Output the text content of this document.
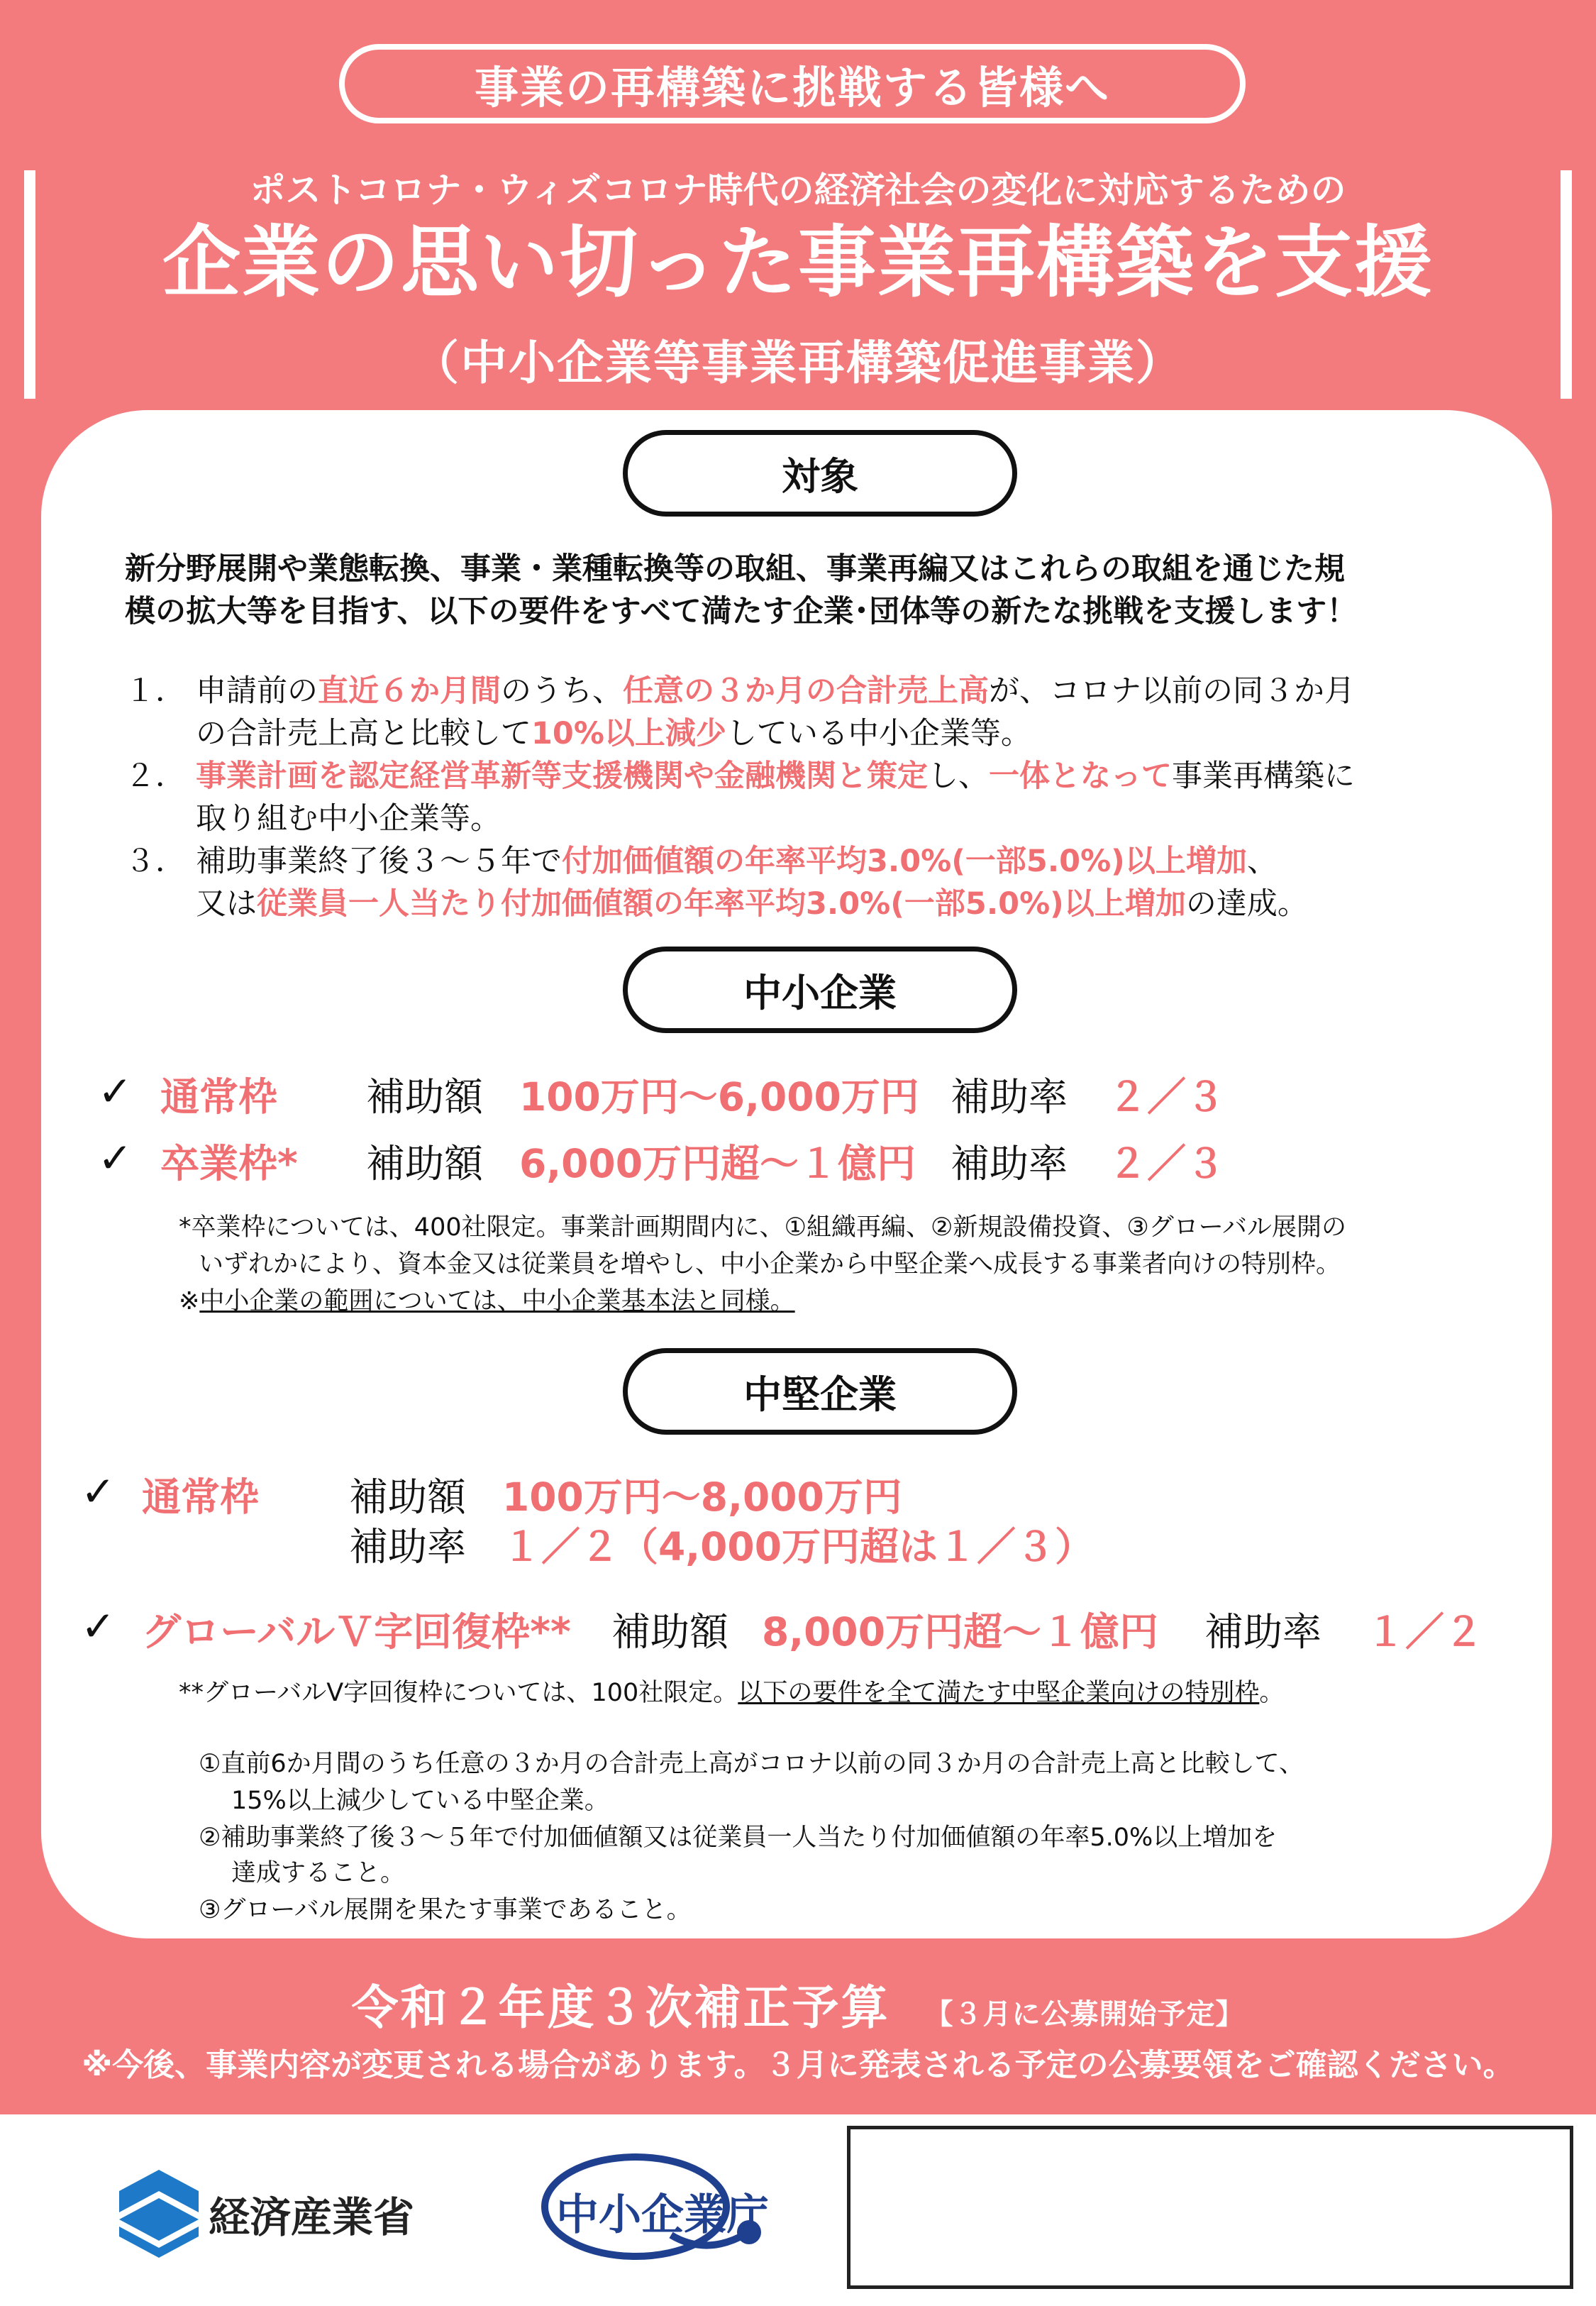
事業の再構築に挑戦する皆様へ
ポストコロナ・ウィズコロナ時代の経済社会の変化に対応するための
企業の思い切った事業再構築を支援
（中小企業等事業再構築促進事業）
対象
新分野展開や業態転換、事業・業種転換等の取組、事業再編又はこれらの取組を通じた規
模の拡大等を目指す、以下の要件をすべて満たす企業･団体等の新たな挑戦を支援します！
１． 申請前の直近６か月間のうち、任意の３か月の合計売上高が、コロナ以前の同３か月
の合計売上高と比較して10%以上減少している中小企業等。
２． 事業計画を認定経営革新等支援機関や金融機関と策定し、一体となって事業再構築に
取り組む中小企業等。
３． 補助事業終了後３～５年で付加価値額の年率平均3.0%(一部5.0%)以上増加、
又は従業員一人当たり付加価値額の年率平均3.0%(一部5.0%)以上増加の達成。
中小企業
✓ 通常枠 補助額 100万円～6,000万円 補助率 ２／３
✓ 卒業枠* 補助額 6,000万円超～１億円 補助率 ２／３
*卒業枠については、400社限定。事業計画期間内に、①組織再編、②新規設備投資、③グローバル展開の
いずれかにより、資本金又は従業員を増やし、中小企業から中堅企業へ成長する事業者向けの特別枠。
※中小企業の範囲については、中小企業基本法と同様。
中堅企業
✓ 通常枠 補助額 100万円～8,000万円
補助率 １／２（4,000万円超は１／３）
✓ グローバルＶ字回復枠** 補助額 8,000万円超～１億円 補助率 １／２
**グローバルV字回復枠については、100社限定。以下の要件を全て満たす中堅企業向けの特別枠。
①直前6か月間のうち任意の３か月の合計売上高がコロナ以前の同３か月の合計売上高と比較して、
15%以上減少している中堅企業。
②補助事業終了後３～５年で付加価値額又は従業員一人当たり付加価値額の年率5.0%以上増加を
達成すること。
③グローバル展開を果たす事業であること。
令和２年度３次補正予算　 【３月に公募開始予定】
※今後、事業内容が変更される場合があります。３月に発表される予定の公募要領をご確認ください。
経済産業省	中小企業庁
